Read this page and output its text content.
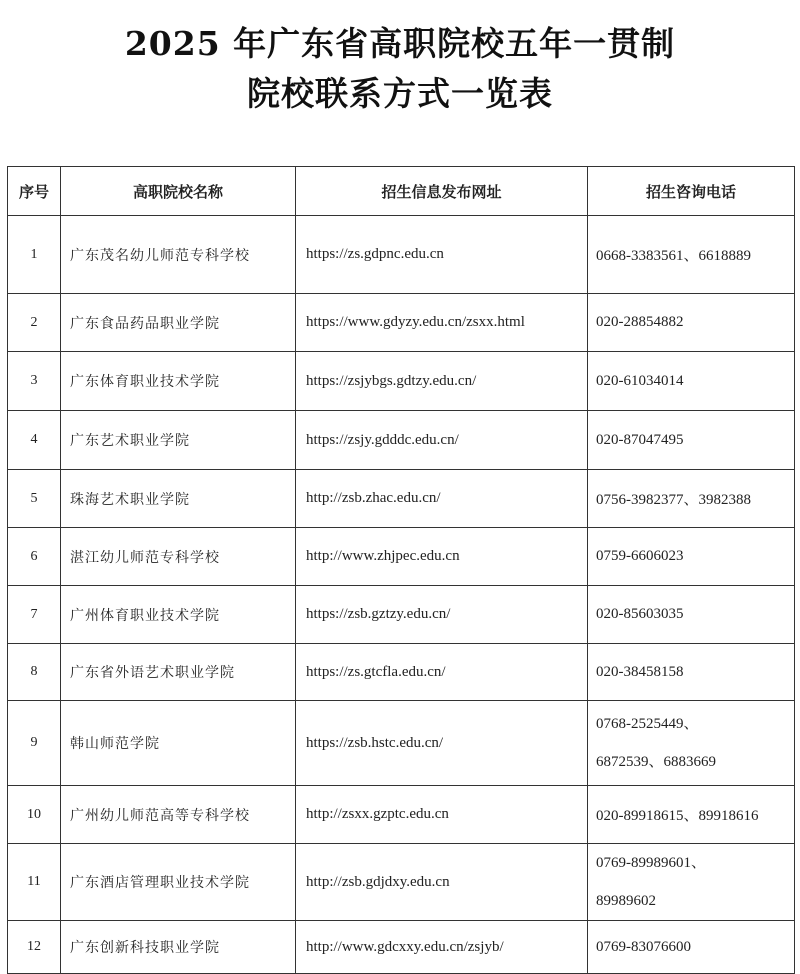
2025 年广东省高职院校五年一贯制
院校联系方式一览表
序号	高职院校名称	招生信息发布网址	招生咨询电话
1	广东茂名幼儿师范专科学校	https://zs.gdpnc.edu.cn	0668-3383561、6618889

2	广东食品药品职业学院	https://www.gdyzy.edu.cn/zsxx.html	020-28854882

3	广东体育职业技术学院	https://zsjybgs.gdtzy.edu.cn/	020-61034014

4	广东艺术职业学院	https://zsjy.gdddc.edu.cn/	020-87047495

5	珠海艺术职业学院	http://zsb.zhac.edu.cn/	0756-3982377、3982388

6	湛江幼儿师范专科学校	http://www.zhjpec.edu.cn	0759-6606023

7	广州体育职业技术学院	https://zsb.gztzy.edu.cn/	020-85603035

8	广东省外语艺术职业学院	https://zs.gtcfla.edu.cn/	020-38458158

9	韩山师范学院	https://zsb.hstc.edu.cn/	0768-2525449、
6872539、6883669

10	广州幼儿师范高等专科学校	http://zsxx.gzptc.edu.cn	020-89918615、89918616

11	广东酒店管理职业技术学院	http://zsb.gdjdxy.edu.cn	0769-89989601、
89989602

12	广东创新科技职业学院	http://www.gdcxxy.edu.cn/zsjyb/	0769-83076600
